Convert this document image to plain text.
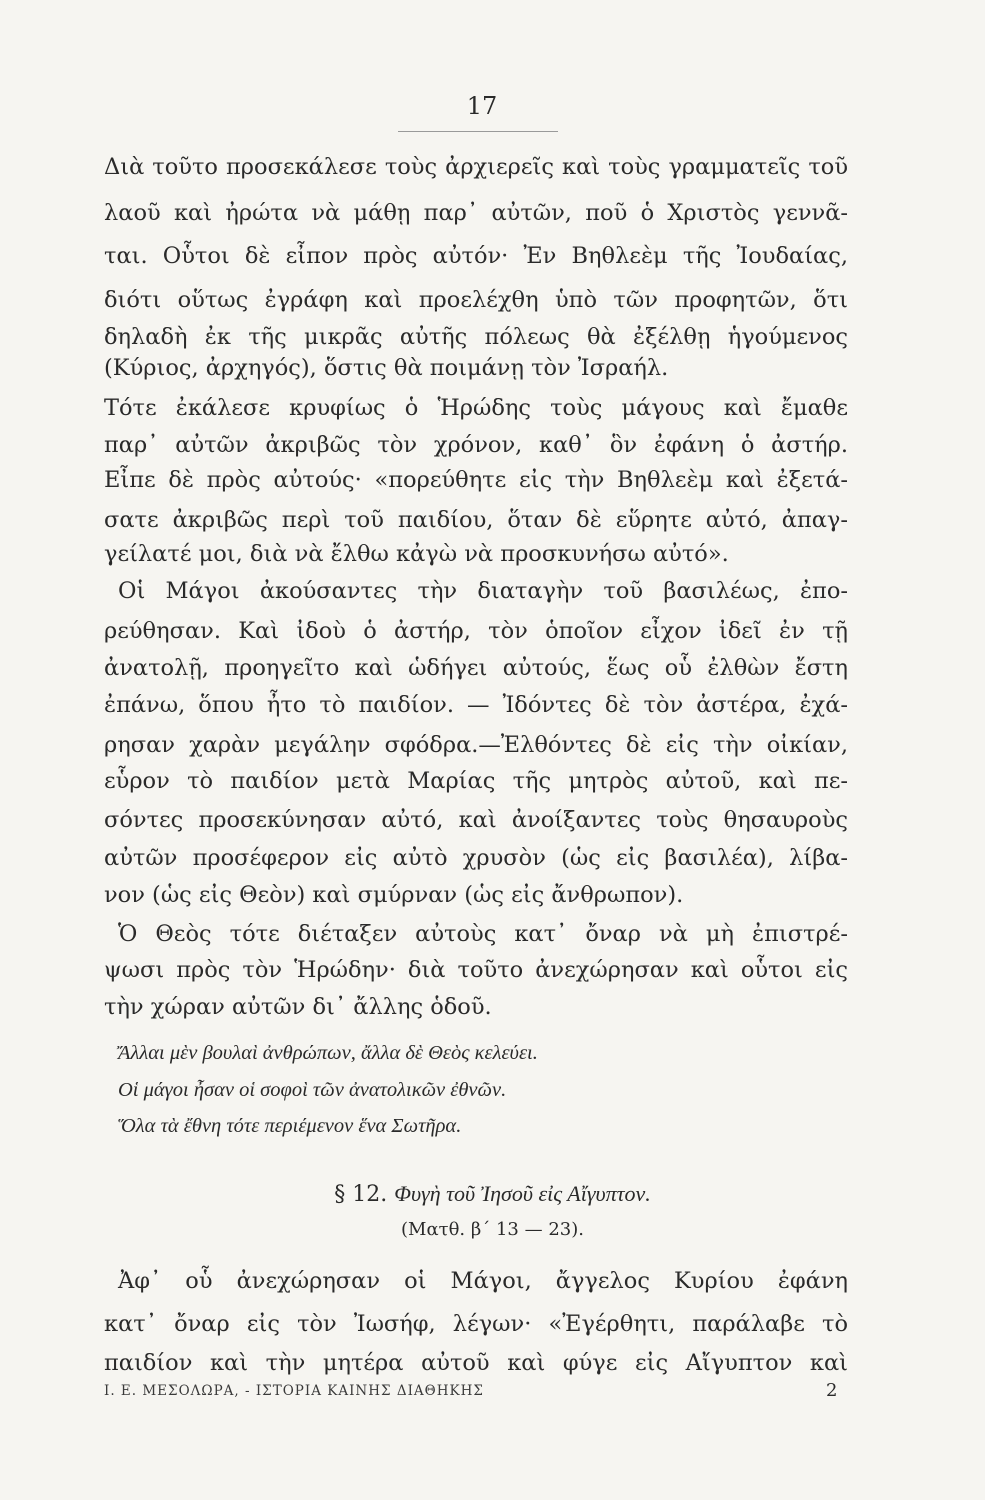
17
Διὰ τοῦτο προσεκάλεσε τοὺς ἀρχιερεῖς καὶ τοὺς γραμματεῖς τοῦ
λαοῦ καὶ ἠρώτα νὰ μάθῃ παρ᾿ αὐτῶν, ποῦ ὁ Χριστὸς γεννᾶ-
ται. Οὗτοι δὲ εἶπον πρὸς αὐτόν· Ἐν Βηθλεὲμ τῆς Ἰουδαίας,
διότι οὕτως ἐγράφη καὶ προελέχθη ὑπὸ τῶν προφητῶν, ὅτι
δηλαδὴ ἐκ τῆς μικρᾶς αὐτῆς πόλεως θὰ ἐξέλθῃ ἡγούμενος
(Κύριος, ἀρχηγός), ὅστις θὰ ποιμάνῃ τὸν Ἰσραήλ.
Τότε ἐκάλεσε κρυφίως ὁ Ἡρώδης τοὺς μάγους καὶ ἔμαθε
παρ᾿ αὐτῶν ἀκριβῶς τὸν χρόνον, καθ᾿ ὃν ἐφάνη ὁ ἀστήρ.
Εἶπε δὲ πρὸς αὐτούς· «πορεύθητε εἰς τὴν Βηθλεὲμ καὶ ἐξετά-
σατε ἀκριβῶς περὶ τοῦ παιδίου, ὅταν δὲ εὕρητε αὐτό, ἀπαγ-
γείλατέ μοι, διὰ νὰ ἔλθω κἀγὼ νὰ προσκυνήσω αὐτό».
Οἱ Μάγοι ἀκούσαντες τὴν διαταγὴν τοῦ βασιλέως, ἐπο-
ρεύθησαν. Καὶ ἰδοὺ ὁ ἀστήρ, τὸν ὁποῖον εἶχον ἰδεῖ ἐν τῇ
ἀνατολῇ, προηγεῖτο καὶ ὡδήγει αὐτούς, ἕως οὗ ἐλθὼν ἔστη
ἐπάνω, ὅπου ἦτο τὸ παιδίον. — Ἰδόντες δὲ τὸν ἀστέρα, ἐχά-
ρησαν χαρὰν μεγάλην σφόδρα.—Ἐλθόντες δὲ εἰς τὴν οἰκίαν,
εὗρον τὸ παιδίον μετὰ Μαρίας τῆς μητρὸς αὐτοῦ, καὶ πε-
σόντες προσεκύνησαν αὐτό, καὶ ἀνοίξαντες τοὺς θησαυροὺς
αὐτῶν προσέφερον εἰς αὐτὸ χρυσὸν (ὡς εἰς βασιλέα), λίβα-
νον (ὡς εἰς Θεὸν) καὶ σμύρναν (ὡς εἰς ἄνθρωπον).
Ὁ Θεὸς τότε διέταξεν αὐτοὺς κατ᾿ ὄναρ νὰ μὴ ἐπιστρέ-
ψωσι πρὸς τὸν Ἡρώδην· διὰ τοῦτο ἀνεχώρησαν καὶ οὗτοι εἰς
τὴν χώραν αὐτῶν δι᾿ ἄλλης ὁδοῦ.
Ἄλλαι μὲν βουλαὶ ἀνθρώπων, ἄλλα δὲ Θεὸς κελεύει.
Οἱ μάγοι ἦσαν οἱ σοφοὶ τῶν ἀνατολικῶν ἐθνῶν.
Ὅλα τὰ ἔθνη τότε περιέμενον ἕνα Σωτῆρα.
§ 12. Φυγὴ τοῦ Ἰησοῦ εἰς Αἴγυπτον.
(Ματθ. β΄ 13 — 23).
Ἀφ᾿ οὗ ἀνεχώρησαν οἱ Μάγοι, ἄγγελος Κυρίου ἐφάνη
κατ᾿ ὄναρ εἰς τὸν Ἰωσήφ, λέγων· «Ἐγέρθητι, παράλαβε τὸ
παιδίον καὶ τὴν μητέρα αὐτοῦ καὶ φύγε εἰς Αἴγυπτον καὶ
Ι. Ε. ΜΕΣΟΛΩΡΑ, - ΙΣΤΟΡΙΑ ΚΑΙΝΗΣ ΔΙΑΘΗΚΗΣ	2
